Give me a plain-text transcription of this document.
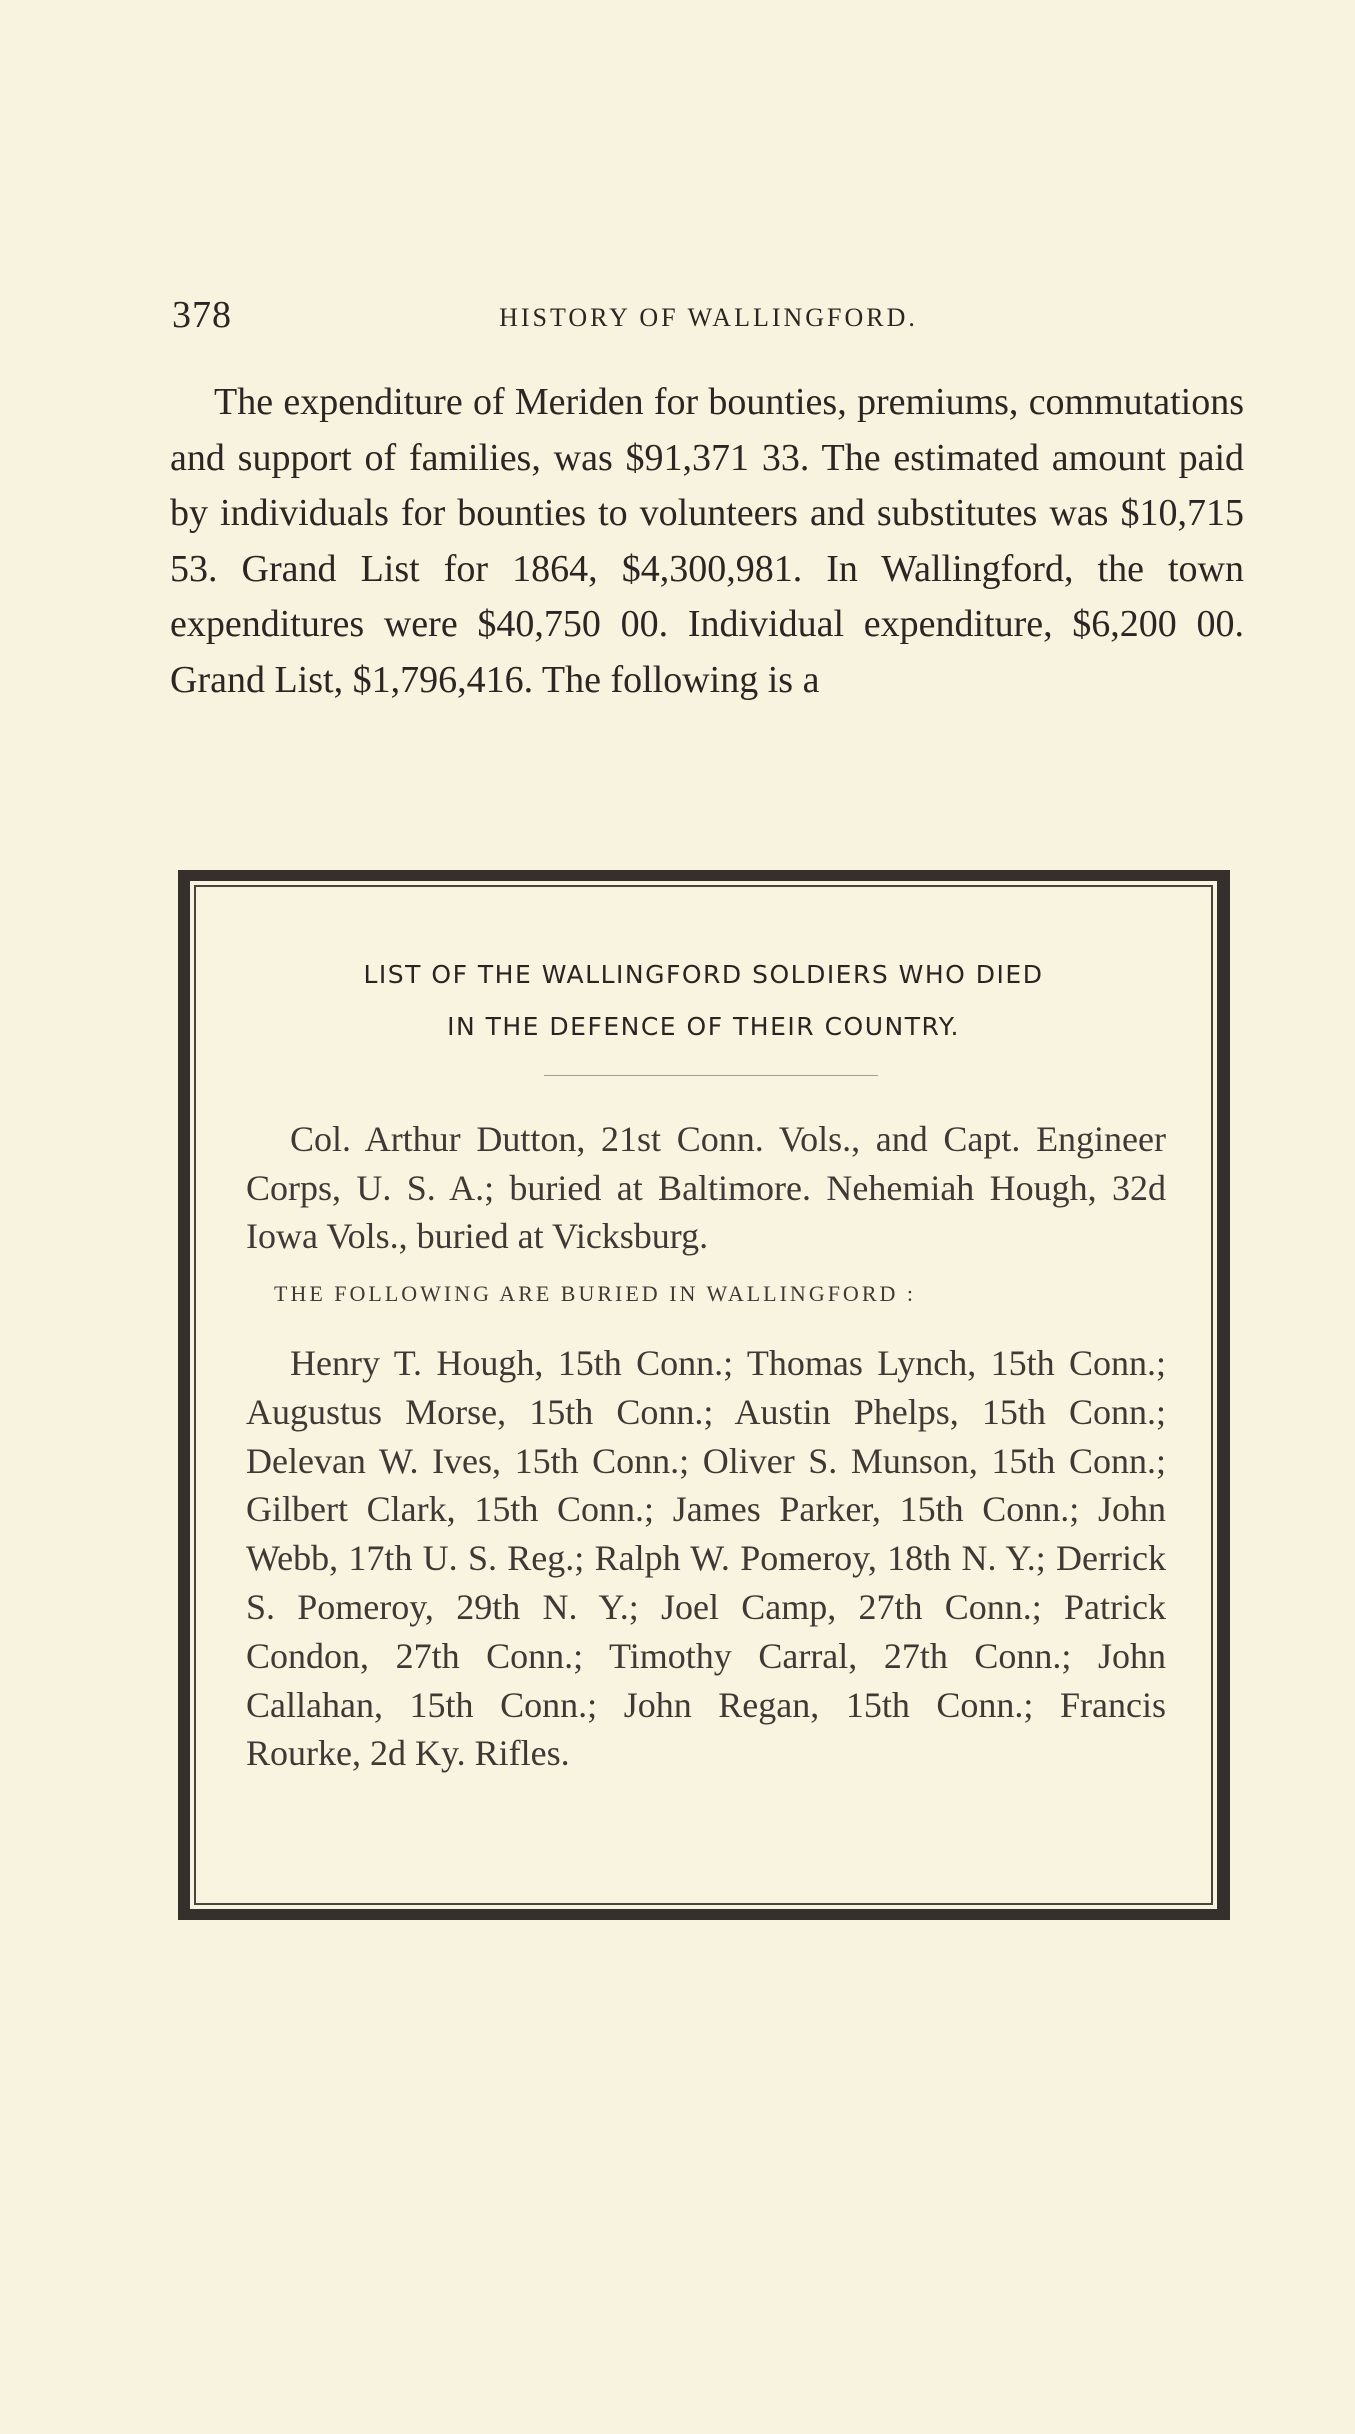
378	HISTORY OF WALLINGFORD.

The expenditure of Meriden for bounties, premiums, commutations and support of families, was $91,371 33. The estimated amount paid by individuals for bounties to volunteers and substitutes was $10,715 53. Grand List for 1864, $4,300,981. In Wallingford, the town expenditures were $40,750 00. Individual expenditure, $6,200 00. Grand List, $1,796,416. The following is a

LIST OF THE WALLINGFORD SOLDIERS WHO DIED
IN THE DEFENCE OF THEIR COUNTRY.

Col. Arthur Dutton, 21st Conn. Vols., and Capt. Engineer Corps, U. S. A.; buried at Baltimore. Nehemiah Hough, 32d Iowa Vols., buried at Vicksburg.

THE FOLLOWING ARE BURIED IN WALLINGFORD :

Henry T. Hough, 15th Conn.; Thomas Lynch, 15th Conn.; Augustus Morse, 15th Conn.; Austin Phelps, 15th Conn.; Delevan W. Ives, 15th Conn.; Oliver S. Munson, 15th Conn.; Gilbert Clark, 15th Conn.; James Parker, 15th Conn.; John Webb, 17th U. S. Reg.; Ralph W. Pomeroy, 18th N. Y.; Derrick S. Pomeroy, 29th N. Y.; Joel Camp, 27th Conn.; Patrick Condon, 27th Conn.; Timothy Carral, 27th Conn.; John Callahan, 15th Conn.; John Regan, 15th Conn.; Francis Rourke, 2d Ky. Rifles.
